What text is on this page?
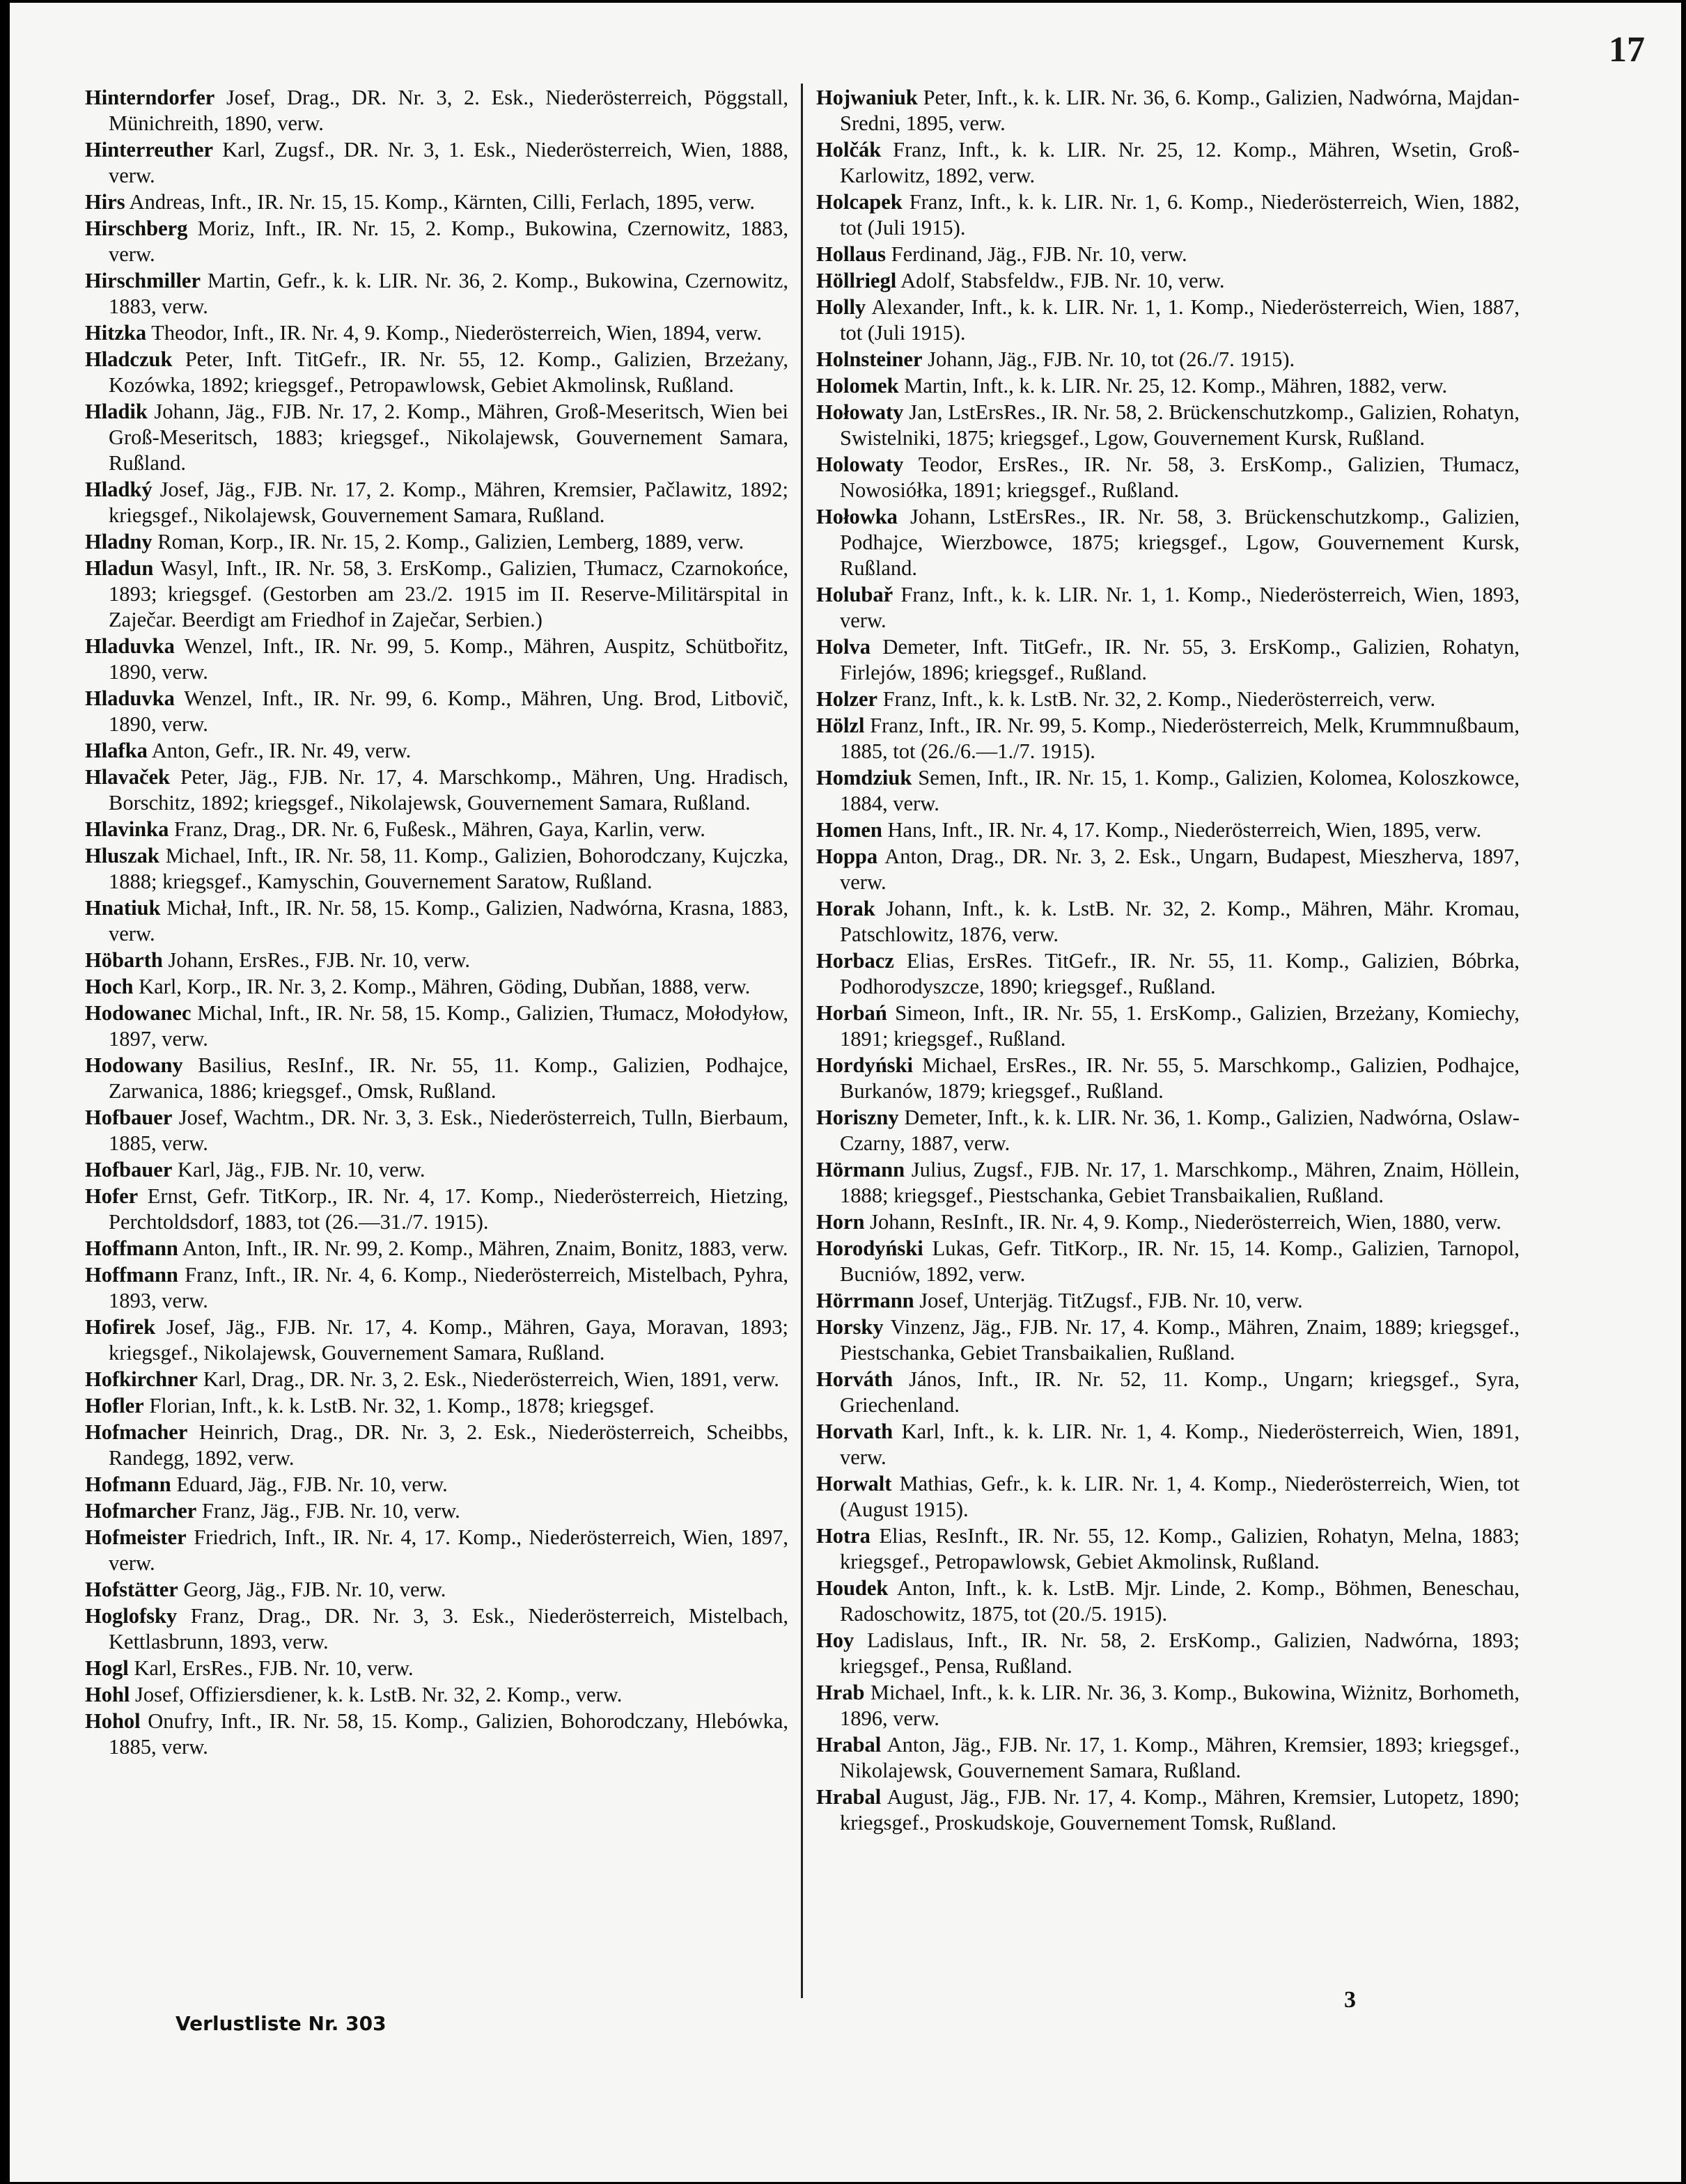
17
Hinterndorfer Josef, Drag., DR. Nr. 3, 2. Esk., Niederösterreich, Pöggstall, Münichreith, 1890, verw.
Hinterreuther Karl, Zugsf., DR. Nr. 3, 1. Esk., Niederösterreich, Wien, 1888, verw.
Hirs Andreas, Inft., IR. Nr. 15, 15. Komp., Kärnten, Cilli, Ferlach, 1895, verw.
Hirschberg Moriz, Inft., IR. Nr. 15, 2. Komp., Bukowina, Czernowitz, 1883, verw.
Hirschmiller Martin, Gefr., k. k. LIR. Nr. 36, 2. Komp., Bukowina, Czernowitz, 1883, verw.
Hitzka Theodor, Inft., IR. Nr. 4, 9. Komp., Niederösterreich, Wien, 1894, verw.
Hladczuk Peter, Inft. TitGefr., IR. Nr. 55, 12. Komp., Galizien, Brzeżany, Kozówka, 1892; kriegsgef., Petropawlowsk, Gebiet Akmolinsk, Rußland.
Hladik Johann, Jäg., FJB. Nr. 17, 2. Komp., Mähren, Groß-Meseritsch, Wien bei Groß-Meseritsch, 1883; kriegsgef., Nikolajewsk, Gouvernement Samara, Rußland.
Hladký Josef, Jäg., FJB. Nr. 17, 2. Komp., Mähren, Kremsier, Pačlawitz, 1892; kriegsgef., Nikolajewsk, Gouvernement Samara, Rußland.
Hladny Roman, Korp., IR. Nr. 15, 2. Komp., Galizien, Lemberg, 1889, verw.
Hladun Wasyl, Inft., IR. Nr. 58, 3. ErsKomp., Galizien, Tłumacz, Czarnokońce, 1893; kriegsgef. (Gestorben am 23./2. 1915 im II. Reserve-Militärspital in Zaječar. Beerdigt am Friedhof in Zaječar, Serbien.)
Hladuvka Wenzel, Inft., IR. Nr. 99, 5. Komp., Mähren, Auspitz, Schütbořitz, 1890, verw.
Hladuvka Wenzel, Inft., IR. Nr. 99, 6. Komp., Mähren, Ung. Brod, Litbovič, 1890, verw.
Hlafka Anton, Gefr., IR. Nr. 49, verw.
Hlavaček Peter, Jäg., FJB. Nr. 17, 4. Marschkomp., Mähren, Ung. Hradisch, Borschitz, 1892; kriegsgef., Nikolajewsk, Gouvernement Samara, Rußland.
Hlavinka Franz, Drag., DR. Nr. 6, Fußesk., Mähren, Gaya, Karlin, verw.
Hluszak Michael, Inft., IR. Nr. 58, 11. Komp., Galizien, Bohorodczany, Kujczka, 1888; kriegsgef., Kamyschin, Gouvernement Saratow, Rußland.
Hnatiuk Michał, Inft., IR. Nr. 58, 15. Komp., Galizien, Nadwórna, Krasna, 1883, verw.
Höbarth Johann, ErsRes., FJB. Nr. 10, verw.
Hoch Karl, Korp., IR. Nr. 3, 2. Komp., Mähren, Göding, Dubňan, 1888, verw.
Hodowanec Michal, Inft., IR. Nr. 58, 15. Komp., Galizien, Tłumacz, Mołodyłow, 1897, verw.
Hodowany Basilius, ResInf., IR. Nr. 55, 11. Komp., Galizien, Podhajce, Zarwanica, 1886; kriegsgef., Omsk, Rußland.
Hofbauer Josef, Wachtm., DR. Nr. 3, 3. Esk., Niederösterreich, Tulln, Bierbaum, 1885, verw.
Hofbauer Karl, Jäg., FJB. Nr. 10, verw.
Hofer Ernst, Gefr. TitKorp., IR. Nr. 4, 17. Komp., Niederösterreich, Hietzing, Perchtoldsdorf, 1883, tot (26.—31./7. 1915).
Hoffmann Anton, Inft., IR. Nr. 99, 2. Komp., Mähren, Znaim, Bonitz, 1883, verw.
Hoffmann Franz, Inft., IR. Nr. 4, 6. Komp., Niederösterreich, Mistelbach, Pyhra, 1893, verw.
Hofirek Josef, Jäg., FJB. Nr. 17, 4. Komp., Mähren, Gaya, Moravan, 1893; kriegsgef., Nikolajewsk, Gouvernement Samara, Rußland.
Hofkirchner Karl, Drag., DR. Nr. 3, 2. Esk., Niederösterreich, Wien, 1891, verw.
Hofler Florian, Inft., k. k. LstB. Nr. 32, 1. Komp., 1878; kriegsgef.
Hofmacher Heinrich, Drag., DR. Nr. 3, 2. Esk., Niederösterreich, Scheibbs, Randegg, 1892, verw.
Hofmann Eduard, Jäg., FJB. Nr. 10, verw.
Hofmarcher Franz, Jäg., FJB. Nr. 10, verw.
Hofmeister Friedrich, Inft., IR. Nr. 4, 17. Komp., Niederösterreich, Wien, 1897, verw.
Hofstätter Georg, Jäg., FJB. Nr. 10, verw.
Hoglofsky Franz, Drag., DR. Nr. 3, 3. Esk., Niederösterreich, Mistelbach, Kettlasbrunn, 1893, verw.
Hogl Karl, ErsRes., FJB. Nr. 10, verw.
Hohl Josef, Offiziersdiener, k. k. LstB. Nr. 32, 2. Komp., verw.
Hohol Onufry, Inft., IR. Nr. 58, 15. Komp., Galizien, Bohorodczany, Hlebówka, 1885, verw.
Hojwaniuk Peter, Inft., k. k. LIR. Nr. 36, 6. Komp., Galizien, Nadwórna, Majdan-Sredni, 1895, verw.
Holčák Franz, Inft., k. k. LIR. Nr. 25, 12. Komp., Mähren, Wsetin, Groß-Karlowitz, 1892, verw.
Holcapek Franz, Inft., k. k. LIR. Nr. 1, 6. Komp., Niederösterreich, Wien, 1882, tot (Juli 1915).
Hollaus Ferdinand, Jäg., FJB. Nr. 10, verw.
Höllriegl Adolf, Stabsfeldw., FJB. Nr. 10, verw.
Holly Alexander, Inft., k. k. LIR. Nr. 1, 1. Komp., Niederösterreich, Wien, 1887, tot (Juli 1915).
Holnsteiner Johann, Jäg., FJB. Nr. 10, tot (26./7. 1915).
Holomek Martin, Inft., k. k. LIR. Nr. 25, 12. Komp., Mähren, 1882, verw.
Hołowaty Jan, LstErsRes., IR. Nr. 58, 2. Brückenschutzkomp., Galizien, Rohatyn, Swistelniki, 1875; kriegsgef., Lgow, Gouvernement Kursk, Rußland.
Holowaty Teodor, ErsRes., IR. Nr. 58, 3. ErsKomp., Galizien, Tłumacz, Nowosiółka, 1891; kriegsgef., Rußland.
Hołowka Johann, LstErsRes., IR. Nr. 58, 3. Brückenschutzkomp., Galizien, Podhajce, Wierzbowce, 1875; kriegsgef., Lgow, Gouvernement Kursk, Rußland.
Holubař Franz, Inft., k. k. LIR. Nr. 1, 1. Komp., Niederösterreich, Wien, 1893, verw.
Holva Demeter, Inft. TitGefr., IR. Nr. 55, 3. ErsKomp., Galizien, Rohatyn, Firlejów, 1896; kriegsgef., Rußland.
Holzer Franz, Inft., k. k. LstB. Nr. 32, 2. Komp., Niederösterreich, verw.
Hölzl Franz, Inft., IR. Nr. 99, 5. Komp., Niederösterreich, Melk, Krummnußbaum, 1885, tot (26./6.—1./7. 1915).
Homdziuk Semen, Inft., IR. Nr. 15, 1. Komp., Galizien, Kolomea, Koloszkowce, 1884, verw.
Homen Hans, Inft., IR. Nr. 4, 17. Komp., Niederösterreich, Wien, 1895, verw.
Hoppa Anton, Drag., DR. Nr. 3, 2. Esk., Ungarn, Budapest, Mieszherva, 1897, verw.
Horak Johann, Inft., k. k. LstB. Nr. 32, 2. Komp., Mähren, Mähr. Kromau, Patschlowitz, 1876, verw.
Horbacz Elias, ErsRes. TitGefr., IR. Nr. 55, 11. Komp., Galizien, Bóbrka, Podhorodyszcze, 1890; kriegsgef., Rußland.
Horbań Simeon, Inft., IR. Nr. 55, 1. ErsKomp., Galizien, Brzeżany, Komiechy, 1891; kriegsgef., Rußland.
Hordyński Michael, ErsRes., IR. Nr. 55, 5. Marschkomp., Galizien, Podhajce, Burkanów, 1879; kriegsgef., Rußland.
Horiszny Demeter, Inft., k. k. LIR. Nr. 36, 1. Komp., Galizien, Nadwórna, Oslaw-Czarny, 1887, verw.
Hörmann Julius, Zugsf., FJB. Nr. 17, 1. Marschkomp., Mähren, Znaim, Höllein, 1888; kriegsgef., Piestschanka, Gebiet Transbaikalien, Rußland.
Horn Johann, ResInft., IR. Nr. 4, 9. Komp., Niederösterreich, Wien, 1880, verw.
Horodyński Lukas, Gefr. TitKorp., IR. Nr. 15, 14. Komp., Galizien, Tarnopol, Bucniów, 1892, verw.
Hörrmann Josef, Unterjäg. TitZugsf., FJB. Nr. 10, verw.
Horsky Vinzenz, Jäg., FJB. Nr. 17, 4. Komp., Mähren, Znaim, 1889; kriegsgef., Piestschanka, Gebiet Transbaikalien, Rußland.
Horváth János, Inft., IR. Nr. 52, 11. Komp., Ungarn; kriegsgef., Syra, Griechenland.
Horvath Karl, Inft., k. k. LIR. Nr. 1, 4. Komp., Niederösterreich, Wien, 1891, verw.
Horwalt Mathias, Gefr., k. k. LIR. Nr. 1, 4. Komp., Niederösterreich, Wien, tot (August 1915).
Hotra Elias, ResInft., IR. Nr. 55, 12. Komp., Galizien, Rohatyn, Melna, 1883; kriegsgef., Petropawlowsk, Gebiet Akmolinsk, Rußland.
Houdek Anton, Inft., k. k. LstB. Mjr. Linde, 2. Komp., Böhmen, Beneschau, Radoschowitz, 1875, tot (20./5. 1915).
Hoy Ladislaus, Inft., IR. Nr. 58, 2. ErsKomp., Galizien, Nadwórna, 1893; kriegsgef., Pensa, Rußland.
Hrab Michael, Inft., k. k. LIR. Nr. 36, 3. Komp., Bukowina, Wiżnitz, Borhometh, 1896, verw.
Hrabal Anton, Jäg., FJB. Nr. 17, 1. Komp., Mähren, Kremsier, 1893; kriegsgef., Nikolajewsk, Gouvernement Samara, Rußland.
Hrabal August, Jäg., FJB. Nr. 17, 4. Komp., Mähren, Kremsier, Lutopetz, 1890; kriegsgef., Proskudskoje, Gouvernement Tomsk, Rußland.
Verlustliste Nr. 303
3
